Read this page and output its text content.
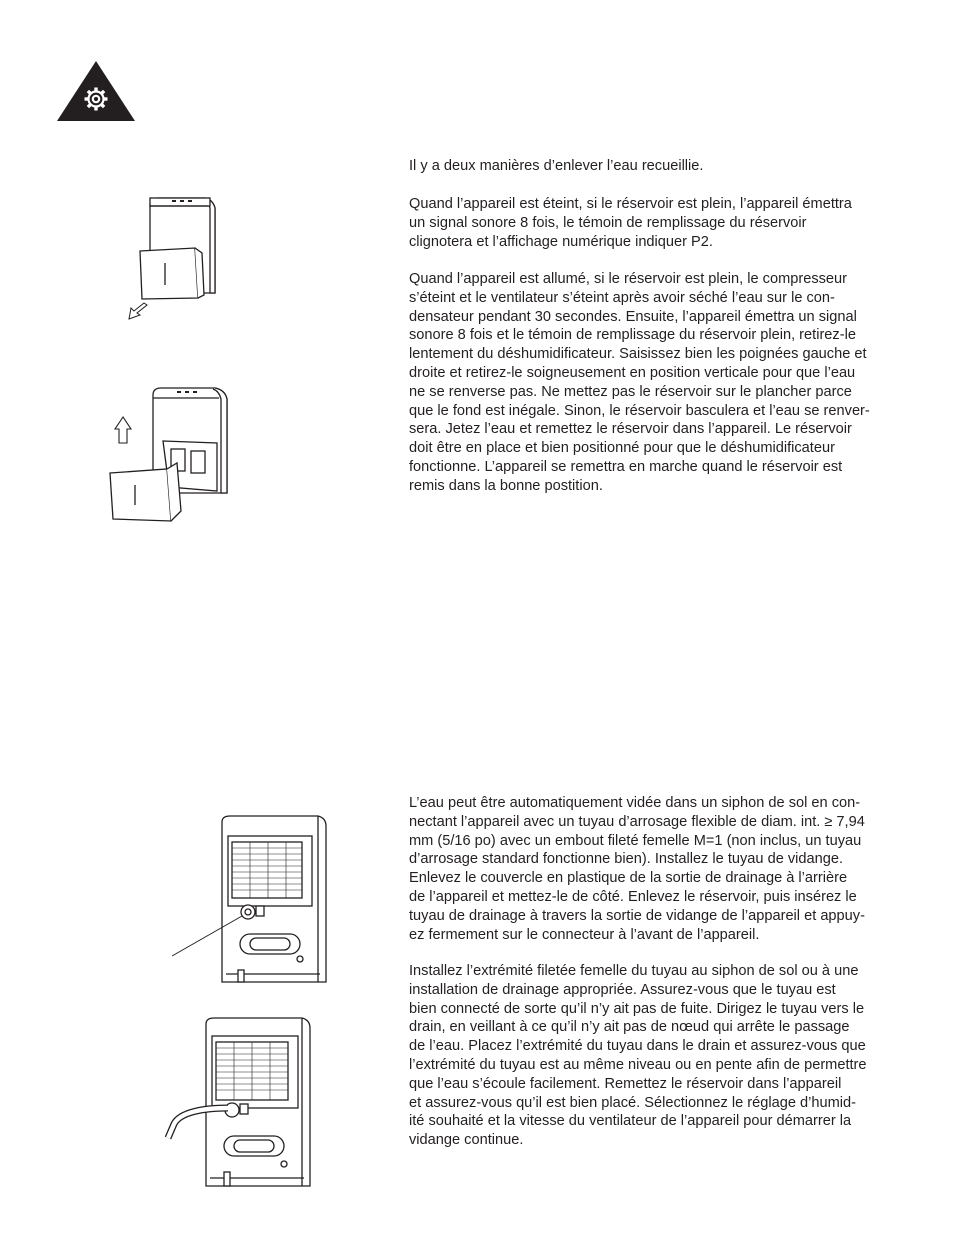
Il y a deux manières d’enlever l’eau recueillie.

Quand l’appareil est éteint, si le réservoir est plein, l’appareil émettra
un signal sonore 8 fois, le témoin de remplissage du réservoir
clignotera et l’affichage numérique indiquer P2.

Quand l’appareil est allumé, si le réservoir est plein, le compresseur
s’éteint et le ventilateur s’éteint après avoir séché l’eau sur le con-
densateur pendant 30 secondes. Ensuite, l’appareil émettra un signal
sonore 8 fois et le témoin de remplissage du réservoir plein, retirez-le
lentement du déshumidificateur. Saisissez bien les poignées gauche et
droite et retirez-le soigneusement en position verticale pour que l’eau
ne se renverse pas. Ne mettez pas le réservoir sur le plancher parce
que le fond est inégale. Sinon, le réservoir basculera et l’eau se renver-
sera. Jetez l’eau et remettez le réservoir dans l’appareil. Le réservoir
doit être en place et bien positionné pour que le déshumidificateur
fonctionne. L’appareil se remettra en marche quand le réservoir est
remis dans la bonne postition.

L’eau peut être automatiquement vidée dans un siphon de sol en con-
nectant l’appareil avec un tuyau d’arrosage flexible de diam. int. ≥ 7,94
mm (5/16 po) avec un embout fileté femelle M=1 (non inclus, un tuyau
d’arrosage standard fonctionne bien). Installez le tuyau de vidange.
Enlevez le couvercle en plastique de la sortie de drainage à l’arrière
de l’appareil et mettez-le de côté. Enlevez le réservoir, puis insérez le
tuyau de drainage à travers la sortie de vidange de l’appareil et appuy-
ez fermement sur le connecteur à l’avant de l’appareil.

Installez l’extrémité filetée femelle du tuyau au siphon de sol ou à une
installation de drainage appropriée. Assurez-vous que le tuyau est
bien connecté de sorte qu’il n’y ait pas de fuite. Dirigez le tuyau vers le
drain, en veillant à ce qu’il n’y ait pas de nœud qui arrête le passage
de l’eau. Placez l’extrémité du tuyau dans le drain et assurez-vous que
l’extrémité du tuyau est au même niveau ou en pente afin de permettre
que l’eau s’écoule facilement. Remettez le réservoir dans l’appareil
et assurez-vous qu’il est bien placé. Sélectionnez le réglage d’humid-
ité souhaité et la vitesse du ventilateur de l’appareil pour démarrer la
vidange continue.
